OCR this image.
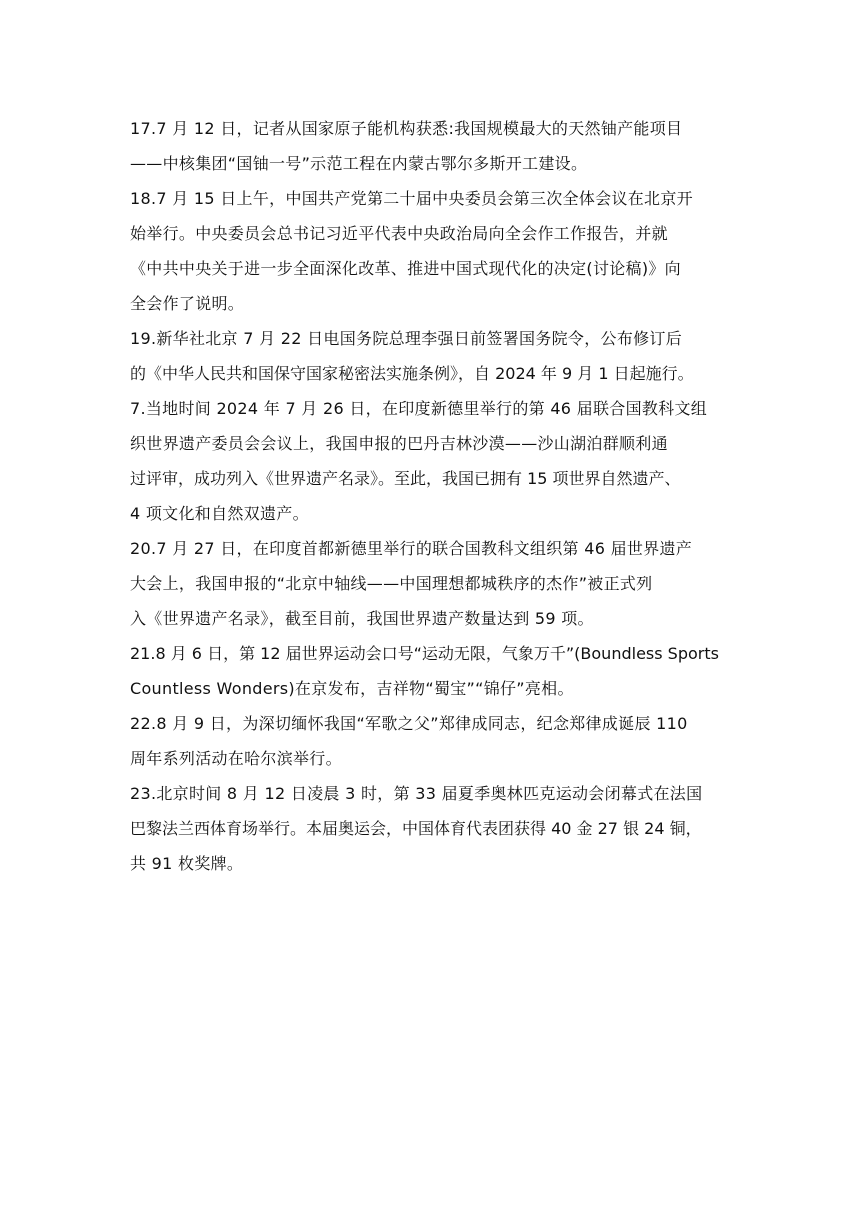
17.7 月 12 日，记者从国家原子能机构获悉:我国规模最大的天然铀产能项目
——中核集团“国铀一号”示范工程在内蒙古鄂尔多斯开工建设。
18.7 月 15 日上午，中国共产党第二十届中央委员会第三次全体会议在北京开
始举行。中央委员会总书记习近平代表中央政治局向全会作工作报告，并就
《中共中央关于进一步全面深化改革、推进中国式现代化的决定(讨论稿)》向
全会作了说明。
19.新华社北京 7 月 22 日电国务院总理李强日前签署国务院令，公布修订后
的《中华人民共和国保守国家秘密法实施条例》，自 2024 年 9 月 1 日起施行。
7.当地时间 2024 年 7 月 26 日，在印度新德里举行的第 46 届联合国教科文组
织世界遗产委员会会议上，我国申报的巴丹吉林沙漠——沙山湖泊群顺利通
过评审，成功列入《世界遗产名录》。至此，我国已拥有 15 项世界自然遗产、
4 项文化和自然双遗产。
20.7 月 27 日，在印度首都新德里举行的联合国教科文组织第 46 届世界遗产
大会上，我国申报的“北京中轴线——中国理想都城秩序的杰作”被正式列
入《世界遗产名录》，截至目前，我国世界遗产数量达到 59 项。
21.8 月 6 日，第 12 届世界运动会口号“运动无限，气象万千”(Boundless Sports
Countless Wonders)在京发布，吉祥物“蜀宝”“锦仔”亮相。
22.8 月 9 日，为深切缅怀我国“军歌之父”郑律成同志，纪念郑律成诞辰 110
周年系列活动在哈尔滨举行。
23.北京时间 8 月 12 日凌晨 3 时，第 33 届夏季奥林匹克运动会闭幕式在法国
巴黎法兰西体育场举行。本届奥运会，中国体育代表团获得 40 金 27 银 24 铜，
共 91 枚奖牌。
